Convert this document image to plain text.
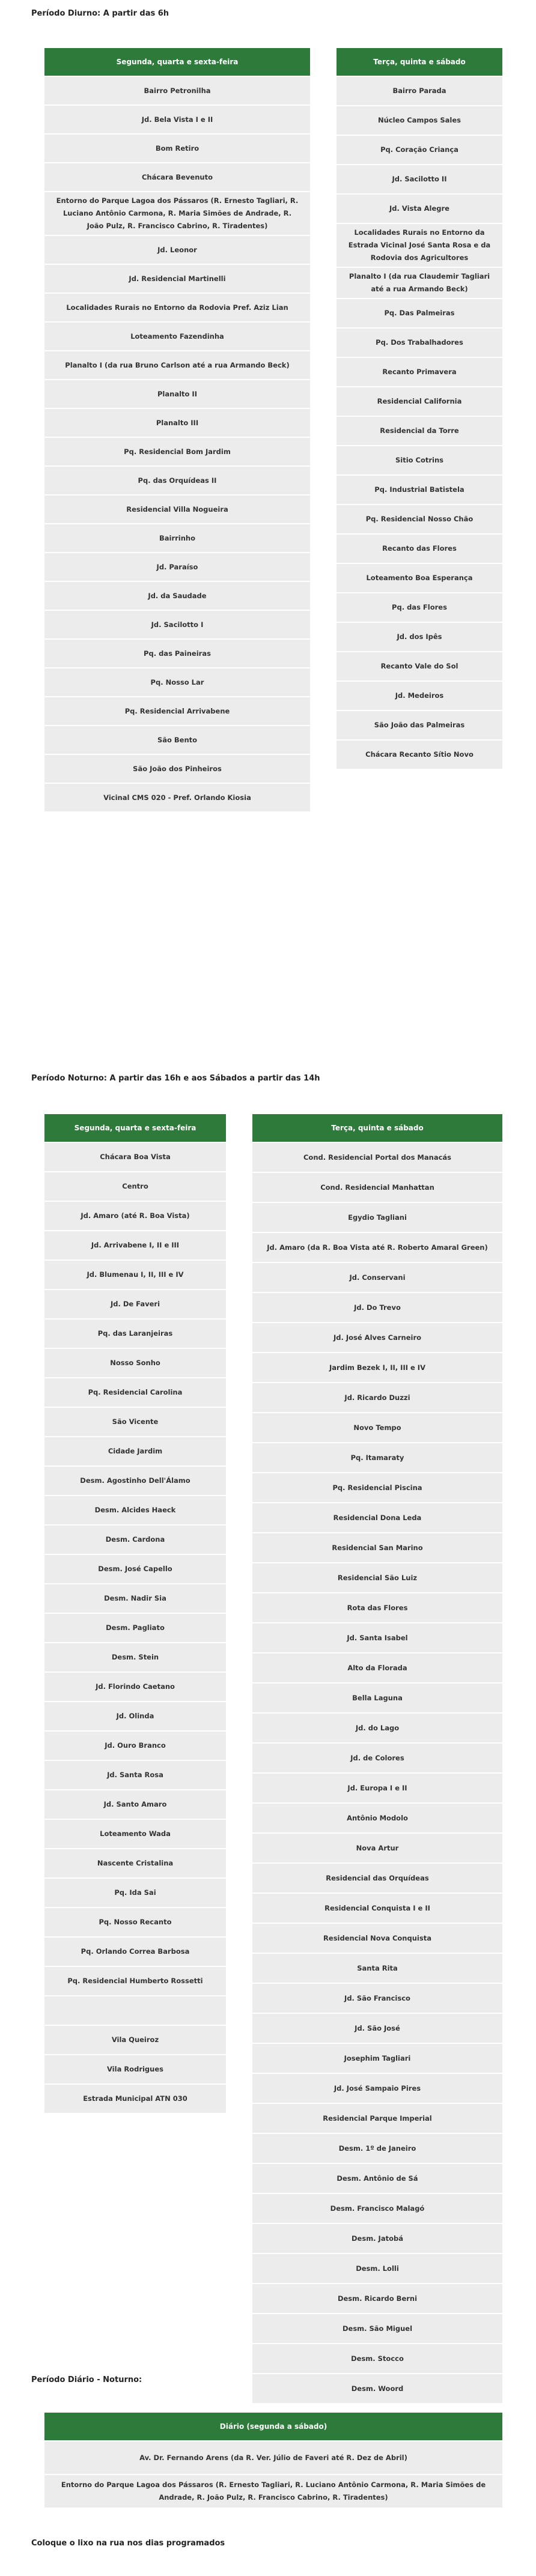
Período Diurno: A partir das 6h

Segunda, quarta e sexta-feira
Bairro Petronilha
Jd. Bela Vista I e II
Bom Retiro
Chácara Bevenuto
Entorno do Parque Lagoa dos Pássaros (R. Ernesto Tagliari, R. Luciano Antônio Carmona, R. Maria Simões de Andrade, R. João Pulz, R. Francisco Cabrino, R. Tiradentes)
Jd. Leonor
Jd. Residencial Martinelli
Localidades Rurais no Entorno da Rodovia Pref. Aziz Lian
Loteamento Fazendinha
Planalto I (da rua Bruno Carlson até a rua Armando Beck)
Planalto II
Planalto III
Pq. Residencial Bom Jardim
Pq. das Orquídeas II
Residencial Villa Nogueira
Bairrinho
Jd. Paraíso
Jd. da Saudade
Jd. Sacilotto I
Pq. das Paineiras
Pq. Nosso Lar
Pq. Residencial Arrivabene
São Bento
São João dos Pinheiros
Vicinal CMS 020 - Pref. Orlando Kiosia
Terça, quinta e sábado
Bairro Parada
Núcleo Campos Sales
Pq. Coração Criança
Jd. Sacilotto II
Jd. Vista Alegre
Localidades Rurais no Entorno da Estrada Vicinal José Santa Rosa e da Rodovia dos Agricultores
Planalto I (da rua Claudemir Tagliari até a rua Armando Beck)
Pq. Das Palmeiras
Pq. Dos Trabalhadores
Recanto Primavera
Residencial California
Residencial da Torre
Sitio Cotrins
Pq. Industrial Batistela
Pq. Residencial Nosso Chão
Recanto das Flores
Loteamento Boa Esperança
Pq. das Flores
Jd. dos Ipês
Recanto Vale do Sol
Jd. Medeiros
São João das Palmeiras
Chácara Recanto Sítio Novo

Período Noturno: A partir das 16h e aos Sábados a partir das 14h

Segunda, quarta e sexta-feira
Chácara Boa Vista
Centro
Jd. Amaro (até R. Boa Vista)
Jd. Arrivabene I, II e III
Jd. Blumenau I, II, III e IV
Jd. De Faveri
Pq. das Laranjeiras
Nosso Sonho
Pq. Residencial Carolina
São Vicente
Cidade Jardim
Desm. Agostinho Dell'Álamo
Desm. Alcides Haeck
Desm. Cardona
Desm. José Capello
Desm. Nadir Sia
Desm. Pagliato
Desm. Stein
Jd. Florindo Caetano
Jd. Olinda
Jd. Ouro Branco
Jd. Santa Rosa
Jd. Santo Amaro
Loteamento Wada
Nascente Cristalina
Pq. Ida Sai
Pq. Nosso Recanto
Pq. Orlando Correa Barbosa
Pq. Residencial Humberto Rossetti

Vila Queiroz
Vila Rodrigues
Estrada Municipal ATN 030
Terça, quinta e sábado
Cond. Residencial Portal dos Manacás
Cond. Residencial Manhattan
Egydio Tagliani
Jd. Amaro (da R. Boa Vista até R. Roberto Amaral Green)
Jd. Conservani
Jd. Do Trevo
Jd. José Alves Carneiro
Jardim Bezek I, II, III e IV
Jd. Ricardo Duzzi
Novo Tempo
Pq. Itamaraty
Pq. Residencial Piscina
Residencial Dona Leda
Residencial San Marino
Residencial São Luiz
Rota das Flores
Jd. Santa Isabel
Alto da Florada
Bella Laguna
Jd. do Lago
Jd. de Colores
Jd. Europa I e II
Antônio Modolo
Nova Artur
Residencial das Orquídeas
Residencial Conquista I e II
Residencial Nova Conquista
Santa Rita
Jd. São Francisco
Jd. São José
Josephim Tagliari
Jd. José Sampaio Pires
Residencial Parque Imperial
Desm. 1º de Janeiro
Desm. Antônio de Sá
Desm. Francisco Malagó
Desm. Jatobá
Desm. Lolli
Desm. Ricardo Berni
Desm. São Miguel
Desm. Stocco
Desm. Woord

Período Diário - Noturno:

Diário (segunda a sábado)
Av. Dr. Fernando Arens (da R. Ver. Júlio de Faveri até R. Dez de Abril)
Entorno do Parque Lagoa dos Pássaros (R. Ernesto Tagliari, R. Luciano Antônio Carmona, R. Maria Simões de Andrade, R. João Pulz, R. Francisco Cabrino, R. Tiradentes)

Coloque o lixo na rua nos dias programados
